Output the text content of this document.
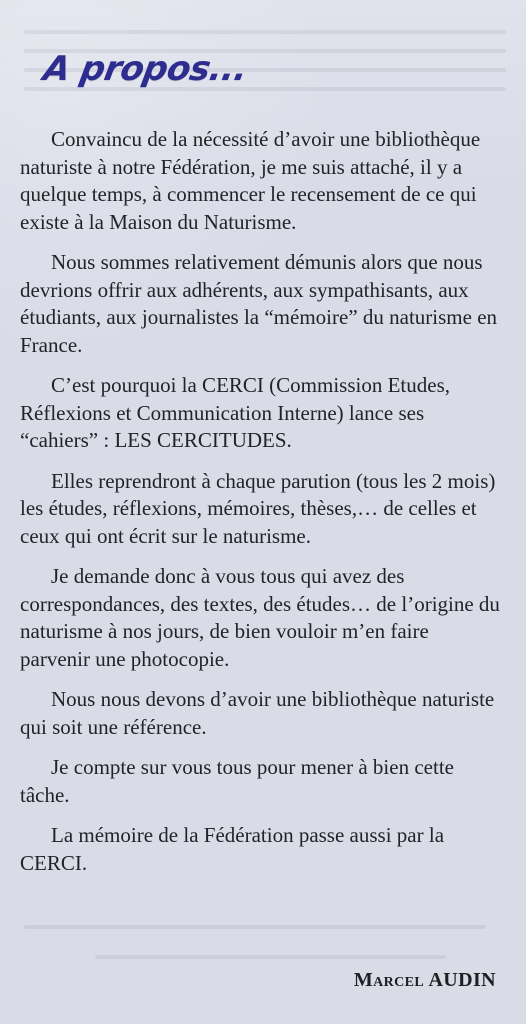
A propos...

Convaincu de la nécessité d’avoir une bibliothèque naturiste à notre Fédération, je me suis attaché, il y a quelque temps, à commencer le recensement de ce qui existe à la Maison du Naturisme.

Nous sommes relativement démunis alors que nous devrions offrir aux adhérents, aux sympathisants, aux étudiants, aux journalistes la “mémoire” du naturisme en France.

C’est pourquoi la CERCI (Commission Etudes, Réflexions et Communication Interne) lance ses “cahiers” : LES CERCITUDES.

Elles reprendront à chaque parution (tous les 2 mois) les études, réflexions, mémoires, thèses,… de celles et ceux qui ont écrit sur le naturisme.

Je demande donc à vous tous qui avez des correspondances, des textes, des études… de l’origine du naturisme à nos jours, de bien vouloir m’en faire parvenir une photocopie.

Nous nous devons d’avoir une bibliothèque naturiste qui soit une référence.

Je compte sur vous tous pour mener à bien cette tâche.

La mémoire de la Fédération passe aussi par la CERCI.

Marcel AUDIN
